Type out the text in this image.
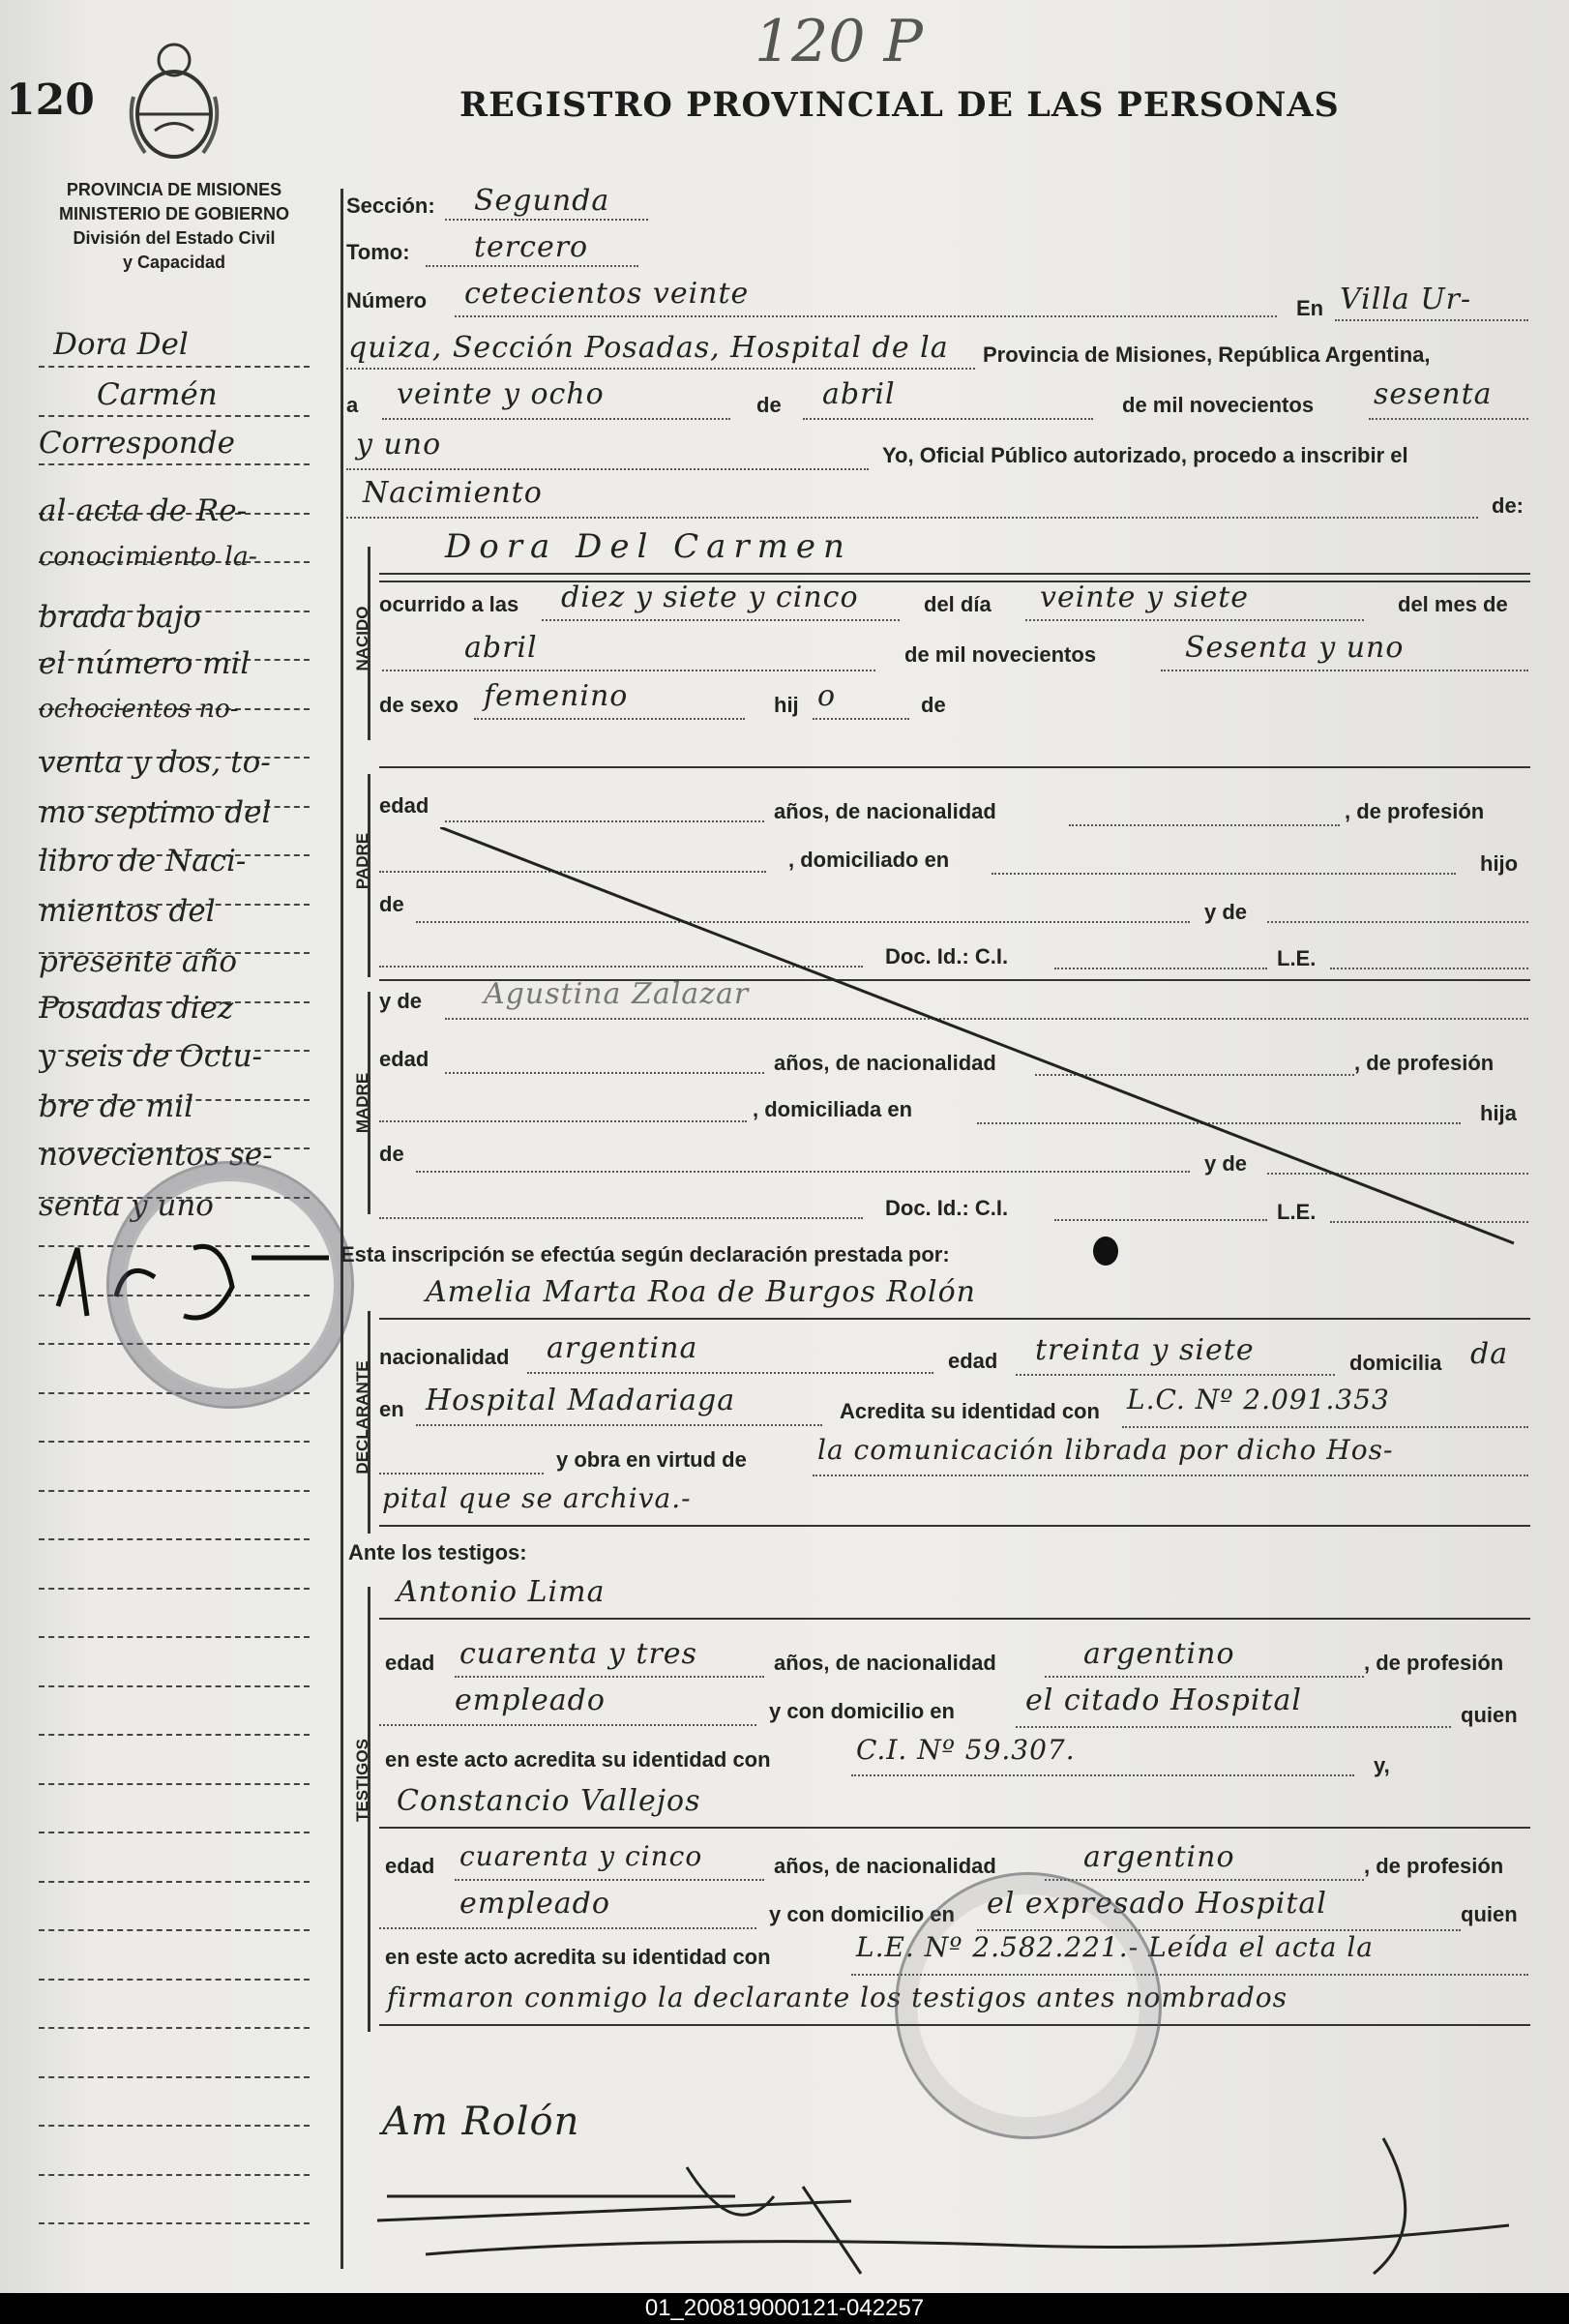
120
120 P
REGISTRO PROVINCIAL DE LAS PERSONAS
PROVINCIA DE MISIONES
MINISTERIO DE GOBIERNO
División del Estado Civil
y Capacidad
Dora Del
Carmén
Corresponde
al acta de Re-
conocimiento la-
brada bajo
el número mil
ochocientos no-
venta y dos, to-
mo septimo del
libro de Naci-
mientos del
presente año
Posadas diez
y seis de Octu-
bre de mil
novecientos se-
senta y uno
NACIDO
PADRE
MADRE
DECLARANTE
TESTIGOS
Sección: Segunda
Tomo: tercero
Número cetecientos veinte	En Villa Ur-
quiza, Sección Posadas, Hospital de la Provincia de Misiones, República Argentina,
a veinte y ocho	de abril	de mil novecientos sesenta
y uno	Yo, Oficial Público autorizado, procedo a inscribir el
Nacimiento	de:
Dora Del Carmen
ocurrido a las diez y siete y cinco	del día veinte y siete	del mes de
abril	de mil novecientos	Sesenta y uno
de sexo femenino	hij o	de
edad	años, de nacionalidad	, de profesión
, domiciliado en	hijo
de	y de
Doc. Id.: C.I.	L.E.
y de Agustina Zalazar
edad	años, de nacionalidad	, de profesión
, domiciliada en	hija
de	y de
Doc. Id.: C.I.	L.E.
Esta inscripción se efectúa según declaración prestada por:
Amelia Marta Roa de Burgos Rolón
nacionalidad argentina	edad treinta y siete	domicilia da
en Hospital Madariaga	Acredita su identidad con L.C. Nº 2.091.353
y obra en virtud de	la comunicación librada por dicho Hos-
pital que se archiva.-
Ante los testigos:
Antonio Lima
edad cuarenta y tres	años, de nacionalidad	argentino	, de profesión
empleado	y con domicilio en el citado Hospital	quien
en este acto acredita su identidad con	C.I. Nº 59.307.	y,
Constancio Vallejos
edad cuarenta y cinco	años, de nacionalidad	argentino	, de profesión
empleado	y con domicilio en el expresado Hospital	quien
en este acto acredita su identidad con	L.E. Nº 2.582.221.- Leída el acta la
firmaron conmigo la declarante los testigos antes nombrados
Am Rolón
01_200819000121-042257
